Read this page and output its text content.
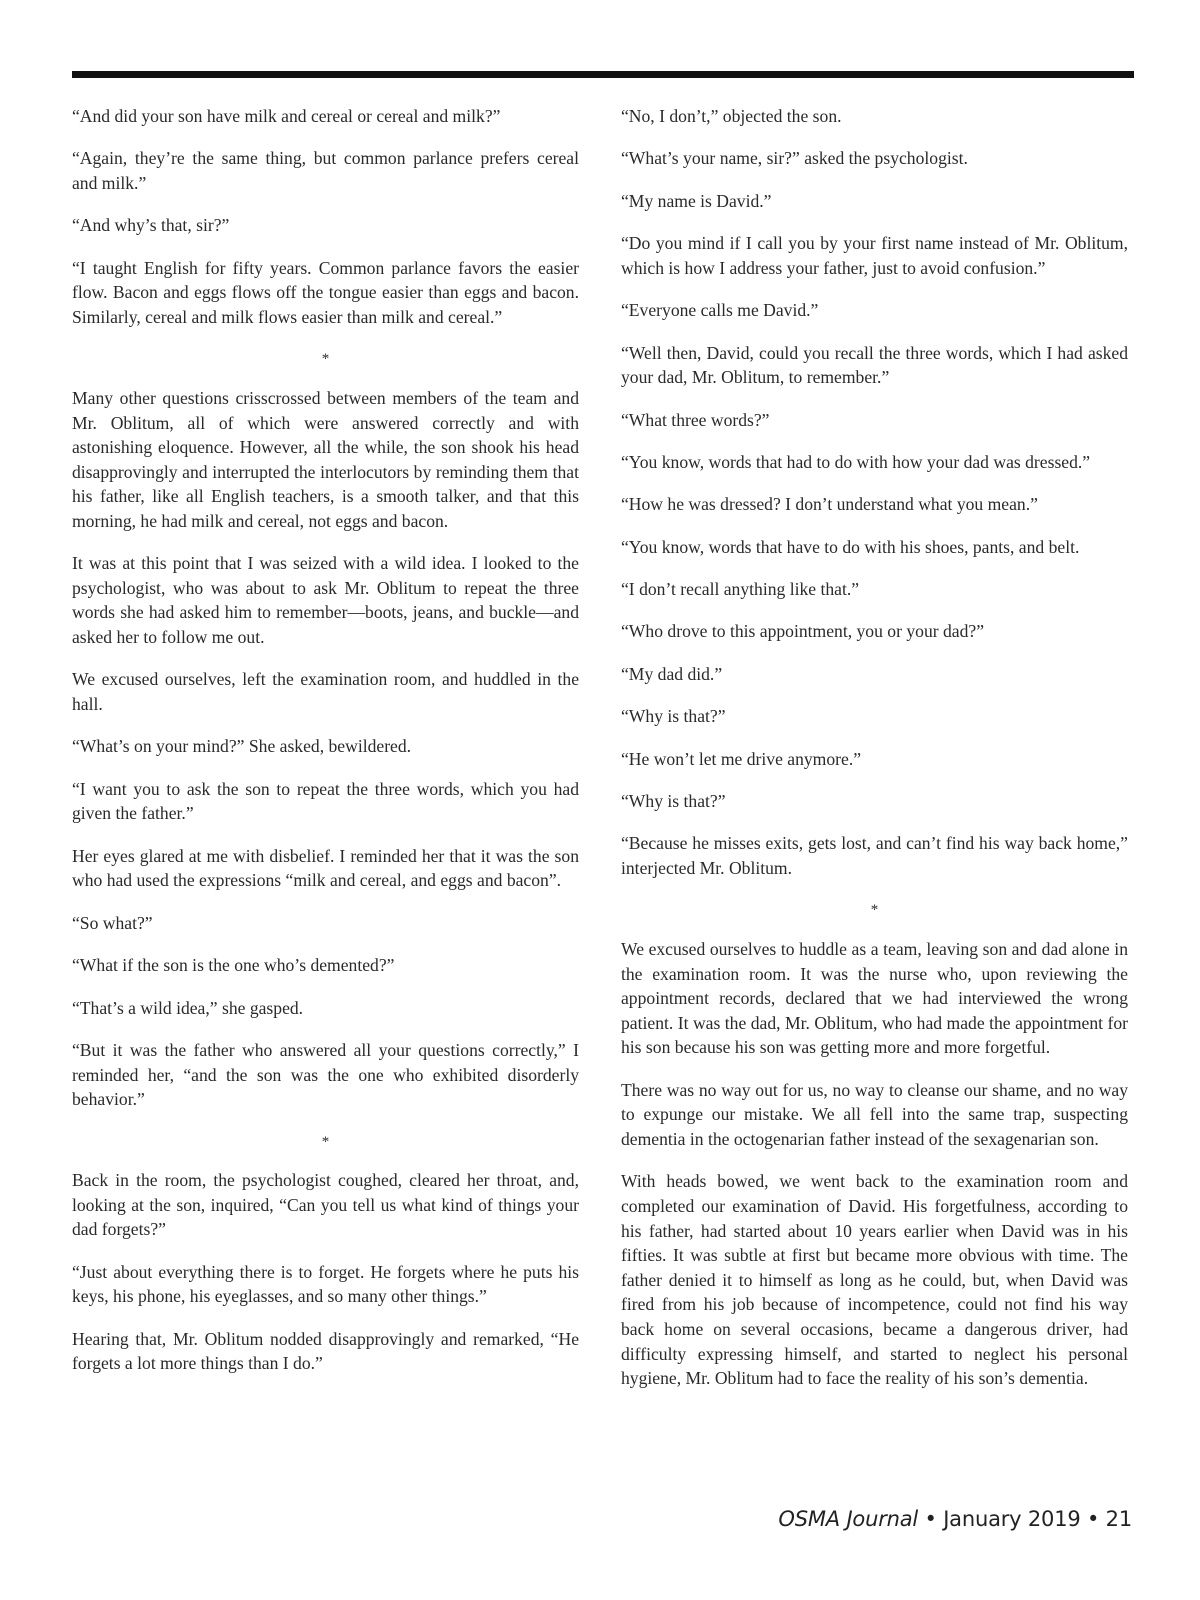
“And did your son have milk and cereal or cereal and milk?”

“Again, they’re the same thing, but common parlance prefers cereal and milk.”

“And why’s that, sir?”

“I taught English for fifty years. Common parlance favors the easier flow. Bacon and eggs flows off the tongue easier than eggs and bacon. Similarly, cereal and milk flows easier than milk and cereal.”

*

Many other questions crisscrossed between members of the team and Mr. Oblitum, all of which were answered correctly and with astonishing eloquence. However, all the while, the son shook his head disapprovingly and interrupted the interlocutors by reminding them that his father, like all English teachers, is a smooth talker, and that this morning, he had milk and cereal, not eggs and bacon.

It was at this point that I was seized with a wild idea. I looked to the psychologist, who was about to ask Mr. Oblitum to repeat the three words she had asked him to remember—boots, jeans, and buckle—and asked her to follow me out.

We excused ourselves, left the examination room, and huddled in the hall.

“What’s on your mind?” She asked, bewildered.

“I want you to ask the son to repeat the three words, which you had given the father.”

Her eyes glared at me with disbelief. I reminded her that it was the son who had used the expressions “milk and cereal, and eggs and bacon”.

“So what?”

“What if the son is the one who’s demented?”

“That’s a wild idea,” she gasped.

“But it was the father who answered all your questions correctly,” I reminded her, “and the son was the one who exhibited disorderly behavior.”

*

Back in the room, the psychologist coughed, cleared her throat, and, looking at the son, inquired, “Can you tell us what kind of things your dad forgets?”

“Just about everything there is to forget. He forgets where he puts his keys, his phone, his eyeglasses, and so many other things.”

Hearing that, Mr. Oblitum nodded disapprovingly and remarked, “He forgets a lot more things than I do.”

“No, I don’t,” objected the son.

“What’s your name, sir?” asked the psychologist.

“My name is David.”

“Do you mind if I call you by your first name instead of Mr. Oblitum, which is how I address your father, just to avoid confusion.”

“Everyone calls me David.”

“Well then, David, could you recall the three words, which I had asked your dad, Mr. Oblitum, to remember.”

“What three words?”

“You know, words that had to do with how your dad was dressed.”

“How he was dressed? I don’t understand what you mean.”

“You know, words that have to do with his shoes, pants, and belt.

“I don’t recall anything like that.”

“Who drove to this appointment, you or your dad?”

“My dad did.”

“Why is that?”

“He won’t let me drive anymore.”

“Why is that?”

“Because he misses exits, gets lost, and can’t find his way back home,” interjected Mr. Oblitum.

*

We excused ourselves to huddle as a team, leaving son and dad alone in the examination room. It was the nurse who, upon reviewing the appointment records, declared that we had interviewed the wrong patient. It was the dad, Mr. Oblitum, who had made the appointment for his son because his son was getting more and more forgetful.

There was no way out for us, no way to cleanse our shame, and no way to expunge our mistake. We all fell into the same trap, suspecting dementia in the octogenarian father instead of the sexagenarian son.

With heads bowed, we went back to the examination room and completed our examination of David. His forgetfulness, according to his father, had started about 10 years earlier when David was in his fifties. It was subtle at first but became more obvious with time. The father denied it to himself as long as he could, but, when David was fired from his job because of incompetence, could not find his way back home on several occasions, became a dangerous driver, had difficulty expressing himself, and started to neglect his personal hygiene, Mr. Oblitum had to face the reality of his son’s dementia.

OSMA Journal • January 2019 • 21
